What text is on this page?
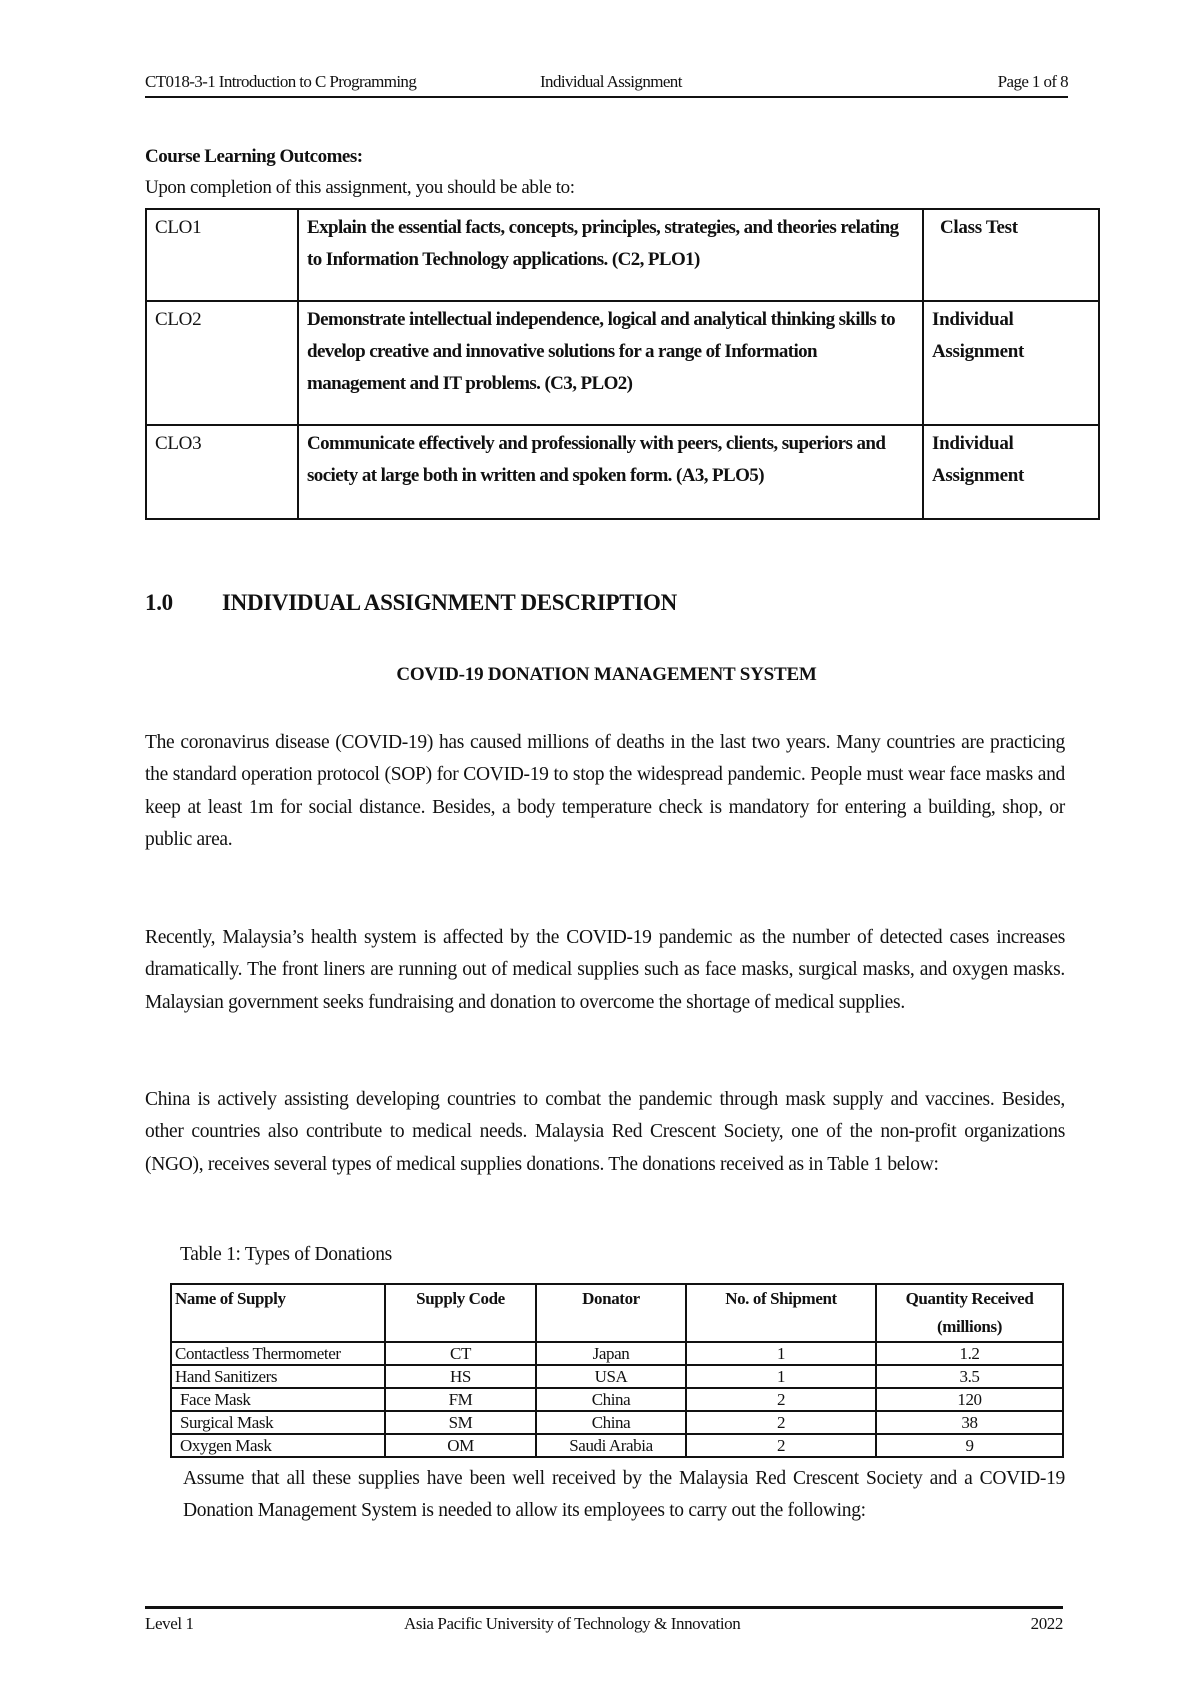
CT018-3-1 Introduction to C Programming	Individual Assignment	Page 1 of 8
Course Learning Outcomes:
Upon completion of this assignment, you should be able to:
CLO1	Explain the essential facts, concepts, principles, strategies, and theories relating to Information Technology applications. (C2, PLO1)	Class Test
CLO2	Demonstrate intellectual independence, logical and analytical thinking skills to develop creative and innovative solutions for a range of Information management and IT problems. (C3, PLO2)	Individual Assignment
CLO3	Communicate effectively and professionally with peers, clients, superiors and society at large both in written and spoken form. (A3, PLO5)	Individual Assignment
1.0 INDIVIDUAL ASSIGNMENT DESCRIPTION
COVID-19 DONATION MANAGEMENT SYSTEM
The coronavirus disease (COVID-19) has caused millions of deaths in the last two years. Many countries are practicing the standard operation protocol (SOP) for COVID-19 to stop the widespread pandemic. People must wear face masks and keep at least 1m for social distance. Besides, a body temperature check is mandatory for entering a building, shop, or public area.
Recently, Malaysia’s health system is affected by the COVID-19 pandemic as the number of detected cases increases dramatically. The front liners are running out of medical supplies such as face masks, surgical masks, and oxygen masks. Malaysian government seeks fundraising and donation to overcome the shortage of medical supplies.
China is actively assisting developing countries to combat the pandemic through mask supply and vaccines. Besides, other countries also contribute to medical needs. Malaysia Red Crescent Society, one of the non-profit organizations (NGO), receives several types of medical supplies donations. The donations received as in Table 1 below:
Table 1: Types of Donations
Name of Supply	Supply Code	Donator	No. of Shipment	Quantity Received (millions)
Contactless Thermometer	CT	Japan	1	1.2
Hand Sanitizers	HS	USA	1	3.5
Face Mask	FM	China	2	120
Surgical Mask	SM	China	2	38
Oxygen Mask	OM	Saudi Arabia	2	9
Assume that all these supplies have been well received by the Malaysia Red Crescent Society and a COVID-19 Donation Management System is needed to allow its employees to carry out the following:
Level 1	Asia Pacific University of Technology & Innovation	2022
